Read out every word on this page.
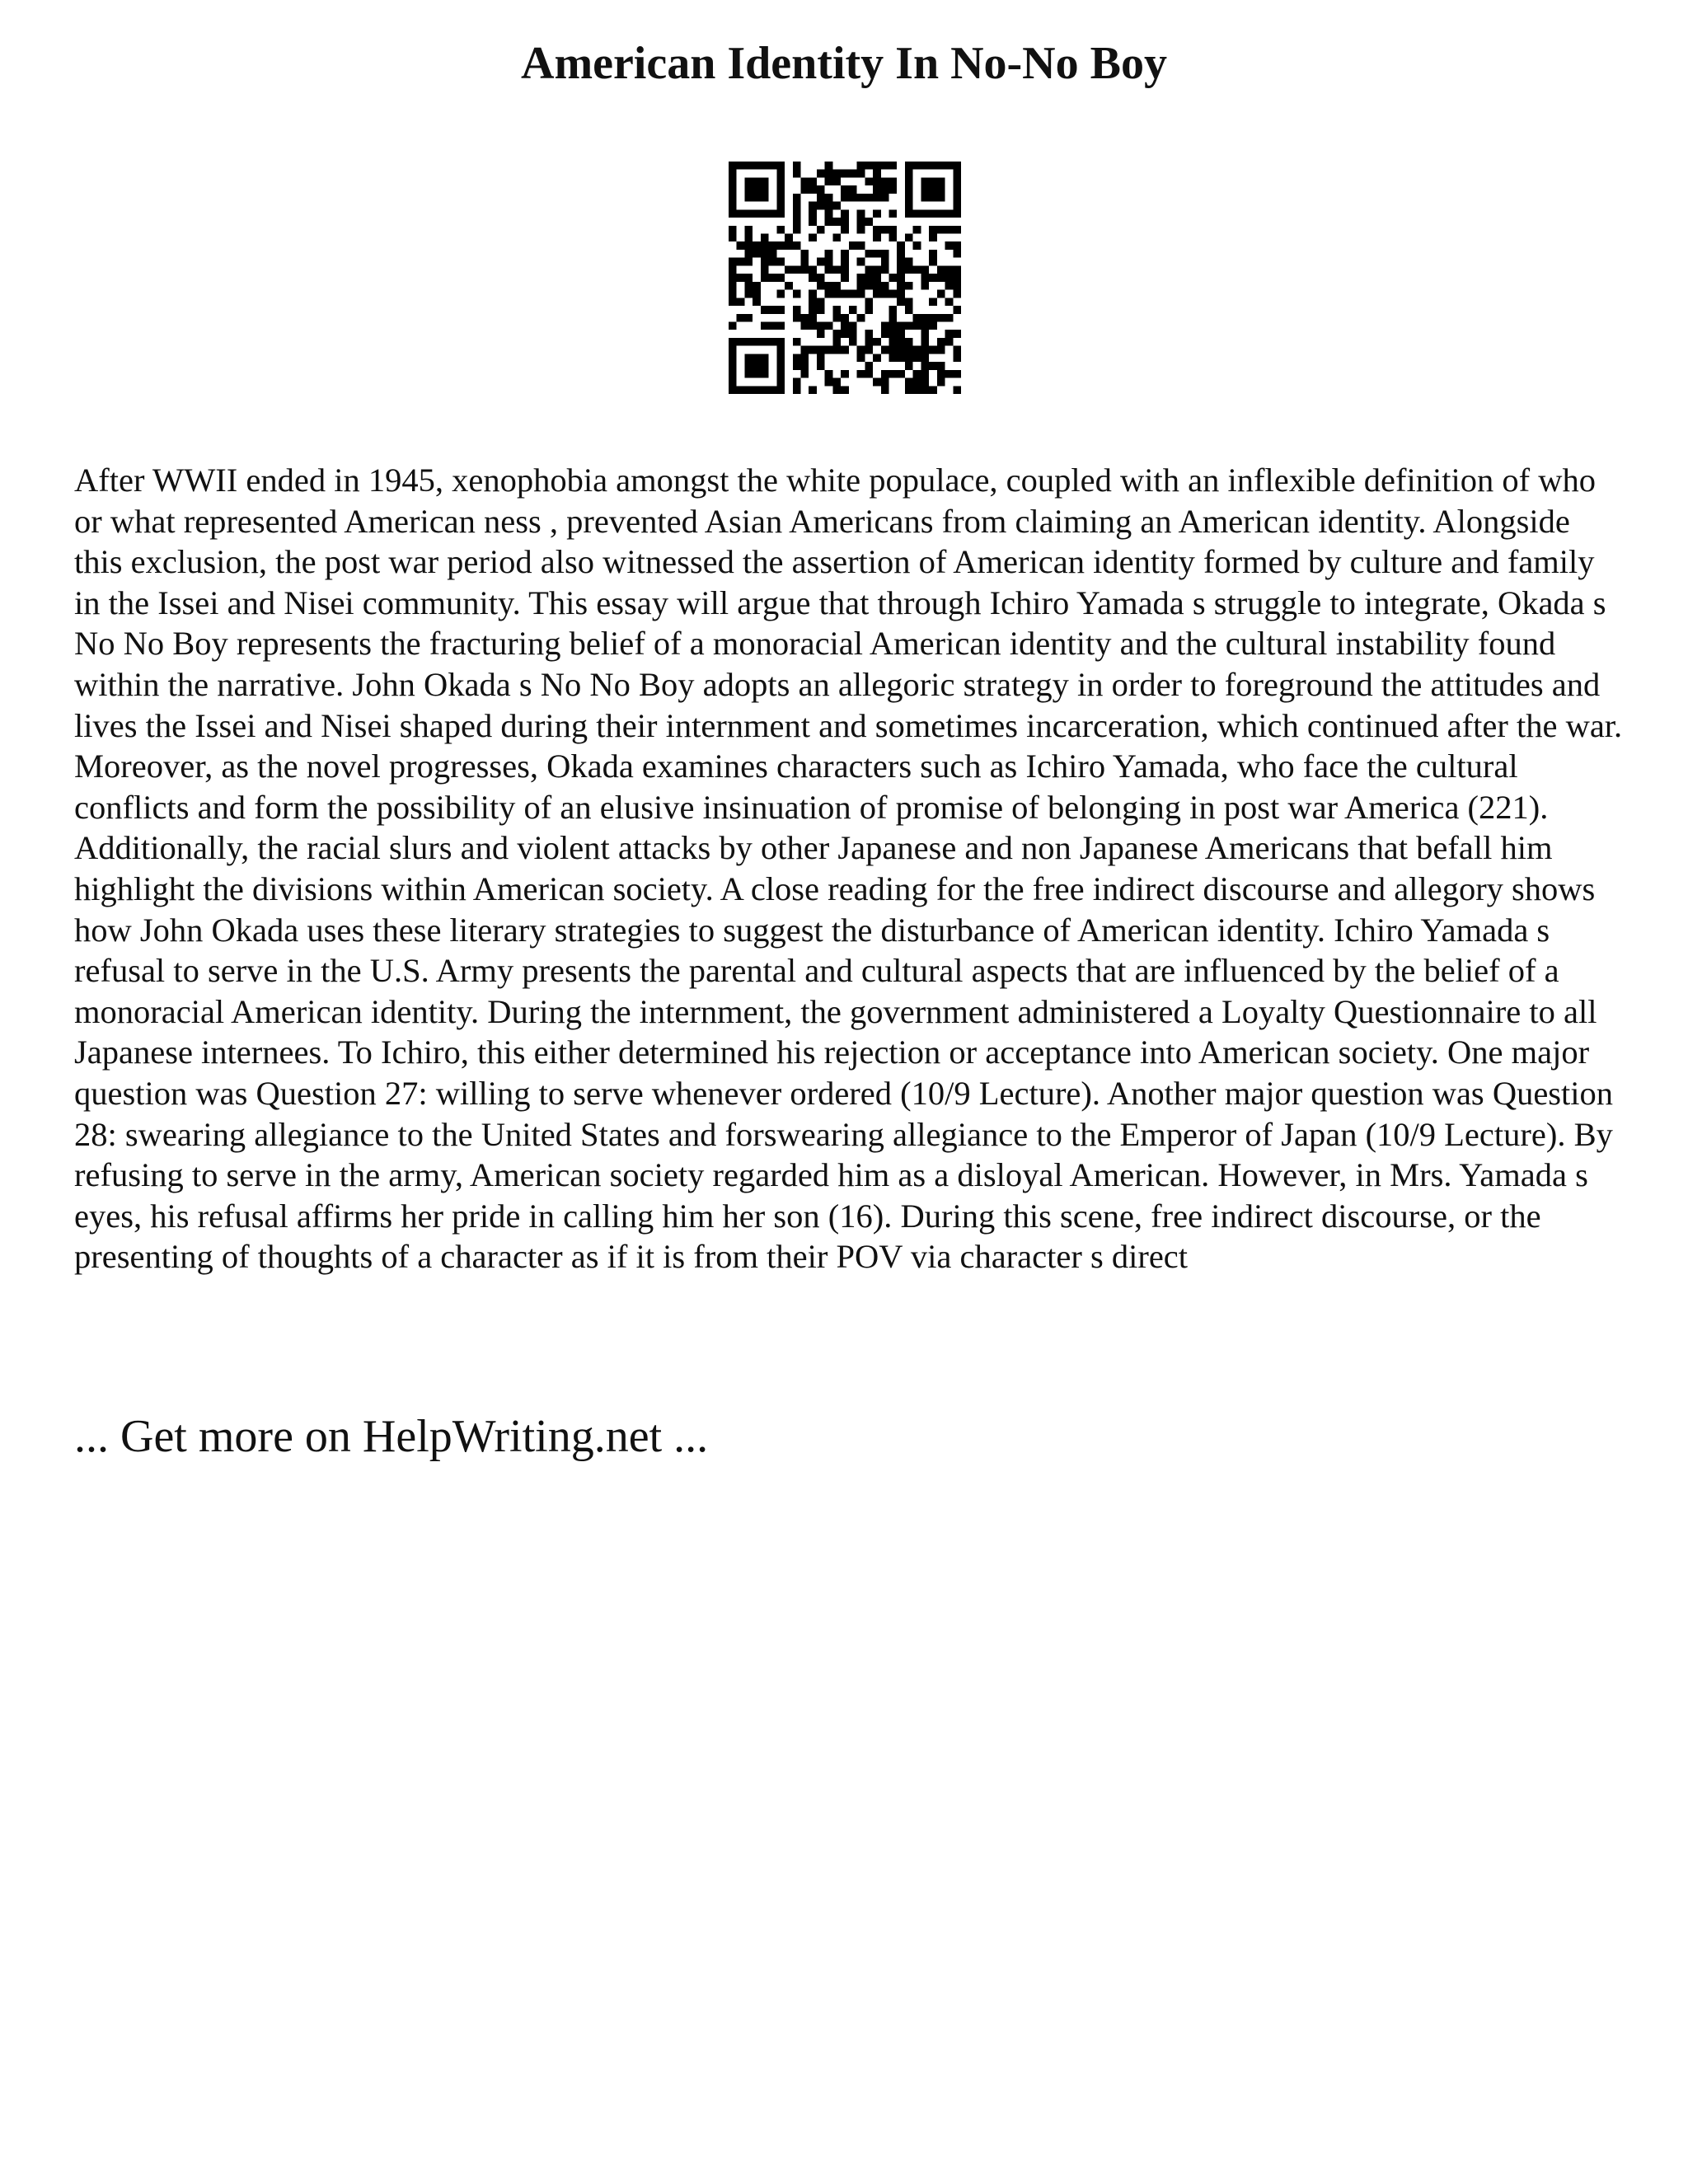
American Identity In No-No Boy

After WWII ended in 1945, xenophobia amongst the white populace, coupled with an inflexible definition of who or what represented American ness , prevented Asian Americans from claiming an American identity. Alongside this exclusion, the post war period also witnessed the assertion of American identity formed by culture and family in the Issei and Nisei community. This essay will argue that through Ichiro Yamada s struggle to integrate, Okada s No No Boy represents the fracturing belief of a monoracial American identity and the cultural instability found within the narrative. John Okada s No No Boy adopts an allegoric strategy in order to foreground the attitudes and lives the Issei and Nisei shaped during their internment and sometimes incarceration, which continued after the war. Moreover, as the novel progresses, Okada examines characters such as Ichiro Yamada, who face the cultural conflicts and form the possibility of an elusive insinuation of promise of belonging in post war America (221). Additionally, the racial slurs and violent attacks by other Japanese and non Japanese Americans that befall him highlight the divisions within American society. A close reading for the free indirect discourse and allegory shows how John Okada uses these literary strategies to suggest the disturbance of American identity. Ichiro Yamada s refusal to serve in the U.S. Army presents the parental and cultural aspects that are influenced by the belief of a monoracial American identity. During the internment, the government administered a Loyalty Questionnaire to all Japanese internees. To Ichiro, this either determined his rejection or acceptance into American society. One major question was Question 27: willing to serve whenever ordered (10/9 Lecture). Another major question was Question 28: swearing allegiance to the United States and forswearing allegiance to the Emperor of Japan (10/9 Lecture). By refusing to serve in the army, American society regarded him as a disloyal American. However, in Mrs. Yamada s eyes, his refusal affirms her pride in calling him her son (16). During this scene, free indirect discourse, or the presenting of thoughts of a character as if it is from their POV via character s direct

... Get more on HelpWriting.net ...
